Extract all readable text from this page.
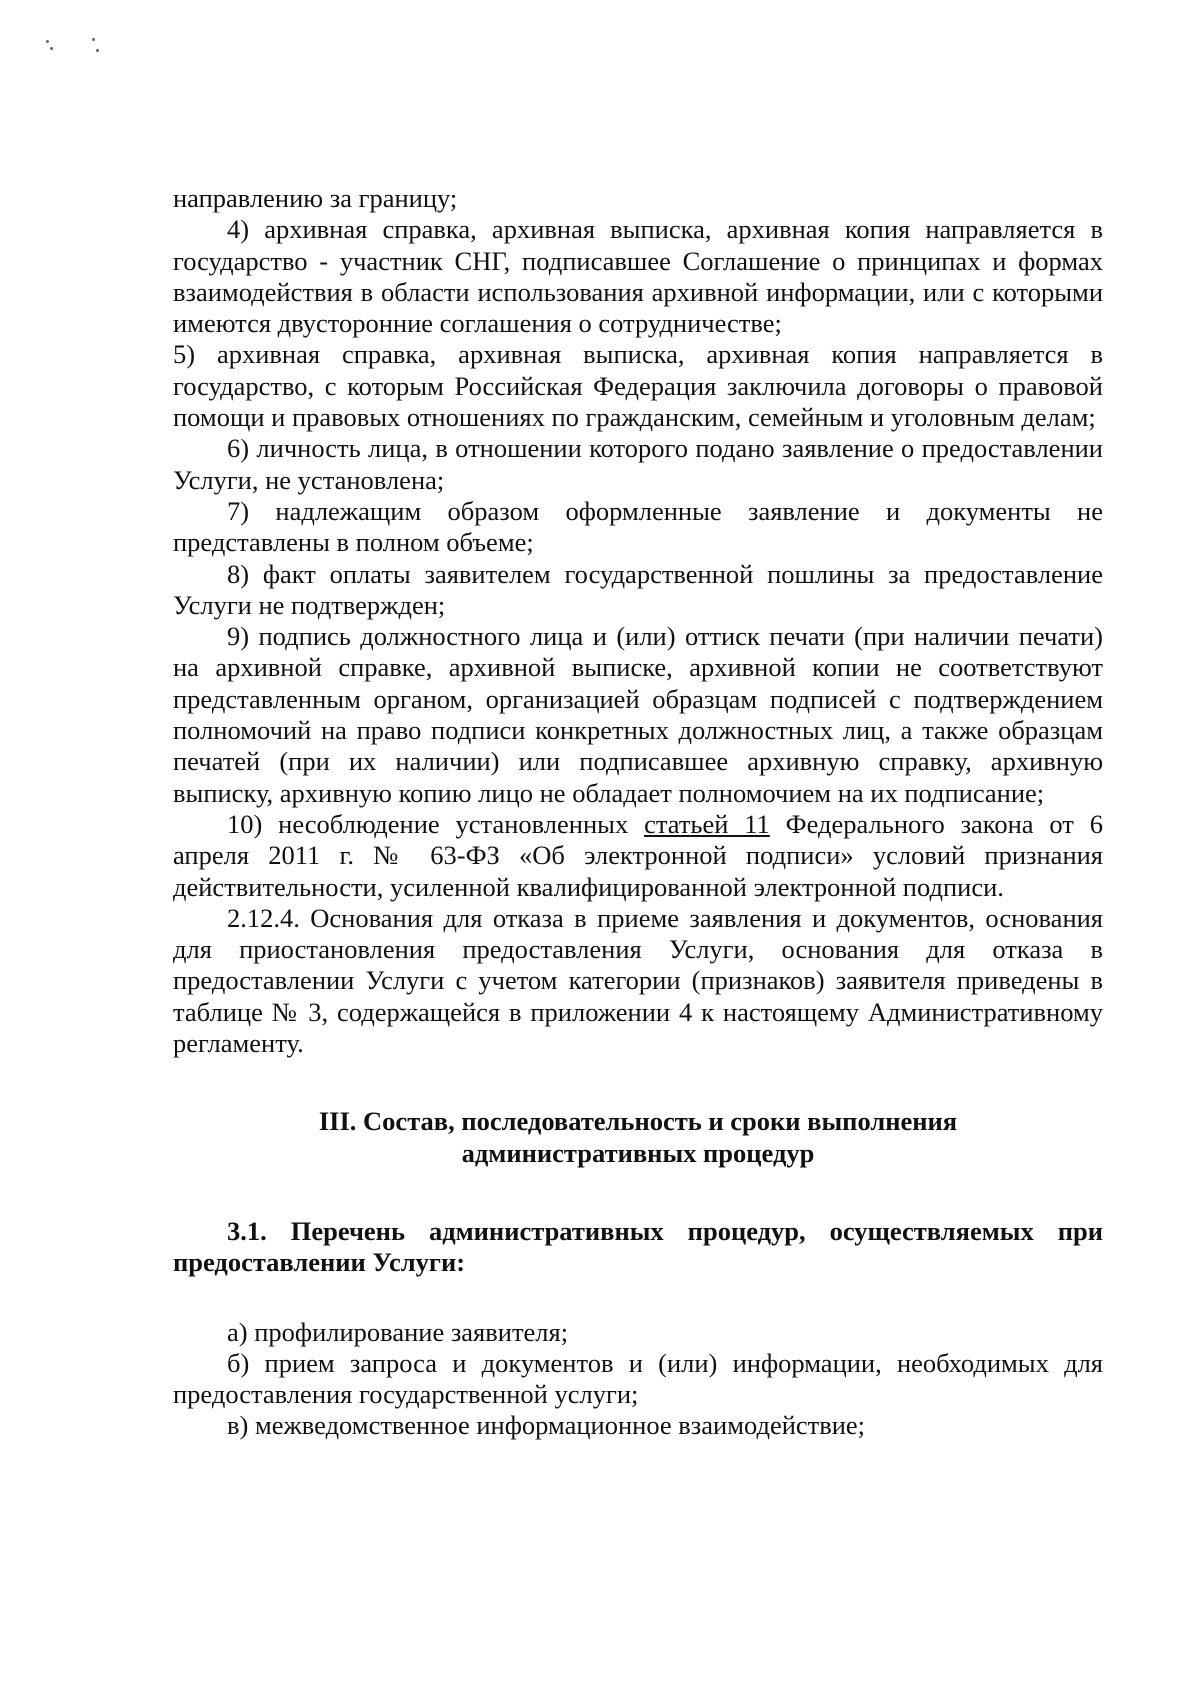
направлению за границу;

4) архивная справка, архивная выписка, архивная копия направляется в государство - участник СНГ, подписавшее Соглашение о принципах и формах взаимодействия в области использования архивной информации, или с которыми имеются двусторонние соглашения о сотрудничестве;

5) архивная справка, архивная выписка, архивная копия направляется в государство, с которым Российская Федерация заключила договоры о правовой помощи и правовых отношениях по гражданским, семейным и уголовным делам;

6) личность лица, в отношении которого подано заявление о предоставлении Услуги, не установлена;

7) надлежащим образом оформленные заявление и документы не представлены в полном объеме;

8) факт оплаты заявителем государственной пошлины за предоставление Услуги не подтвержден;

9) подпись должностного лица и (или) оттиск печати (при наличии печати) на архивной справке, архивной выписке, архивной копии не соответствуют представленным органом, организацией образцам подписей с подтверждением полномочий на право подписи конкретных должностных лиц, а также образцам печатей (при их наличии) или подписавшее архивную справку, архивную выписку, архивную копию лицо не обладает полномочием на их подписание;

10) несоблюдение установленных статьей 11 Федерального закона от 6 апреля 2011 г. № 63-ФЗ «Об электронной подписи» условий признания действительности, усиленной квалифицированной электронной подписи.

2.12.4. Основания для отказа в приеме заявления и документов, основания для приостановления предоставления Услуги, основания для отказа в предоставлении Услуги с учетом категории (признаков) заявителя приведены в таблице № 3, содержащейся в приложении 4 к настоящему Административному регламенту.

III. Состав, последовательность и сроки выполнения

административных процедур

3.1. Перечень административных процедур, осуществляемых при предоставлении Услуги:

а) профилирование заявителя;

б) прием запроса и документов и (или) информации, необходимых для предоставления государственной услуги;

в) межведомственное информационное взаимодействие;
